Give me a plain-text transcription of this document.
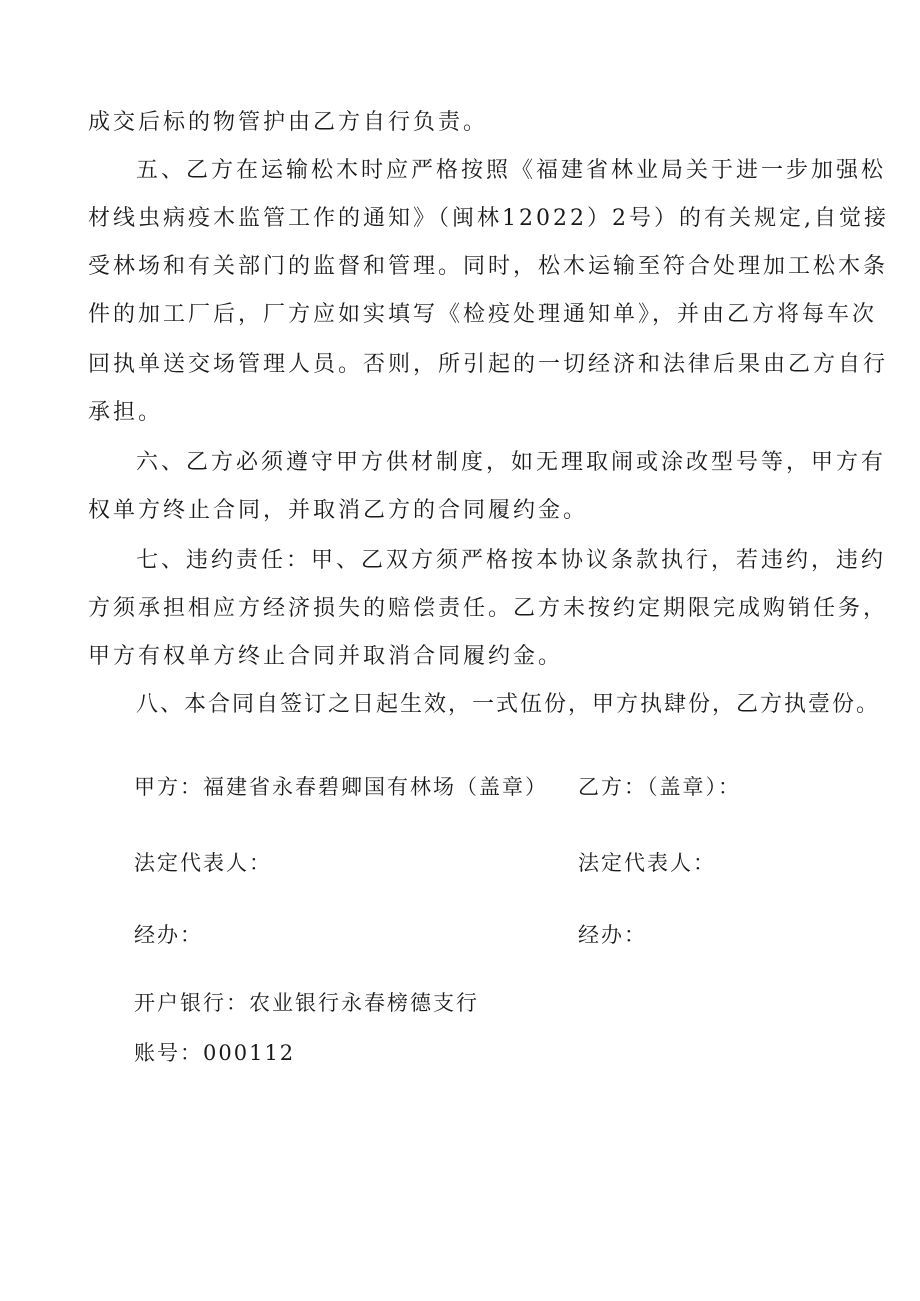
成交后标的物管护由乙方自行负责。
五、乙方在运输松木时应严格按照《福建省林业局关于进一步加强松
材线虫病疫木监管工作的通知》（闽林12022）2号）的有关规定,自觉接
受林场和有关部门的监督和管理。同时，松木运输至符合处理加工松木条
件的加工厂后，厂方应如实填写《检疫处理通知单》，并由乙方将每车次
回执单送交场管理人员。否则，所引起的一切经济和法律后果由乙方自行
承担。
六、乙方必须遵守甲方供材制度，如无理取闹或涂改型号等，甲方有
权单方终止合同，并取消乙方的合同履约金。
七、违约责任：甲、乙双方须严格按本协议条款执行，若违约，违约
方须承担相应方经济损失的赔偿责任。乙方未按约定期限完成购销任务，
甲方有权单方终止合同并取消合同履约金。
八、本合同自签订之日起生效，一式伍份，甲方执肆份，乙方执壹份。
甲方：福建省永春碧卿国有林场（盖章） 乙方：（盖章）：
法定代表人：	法定代表人：
经办：	经办：
开户银行：农业银行永春榜德支行
账号：000112
